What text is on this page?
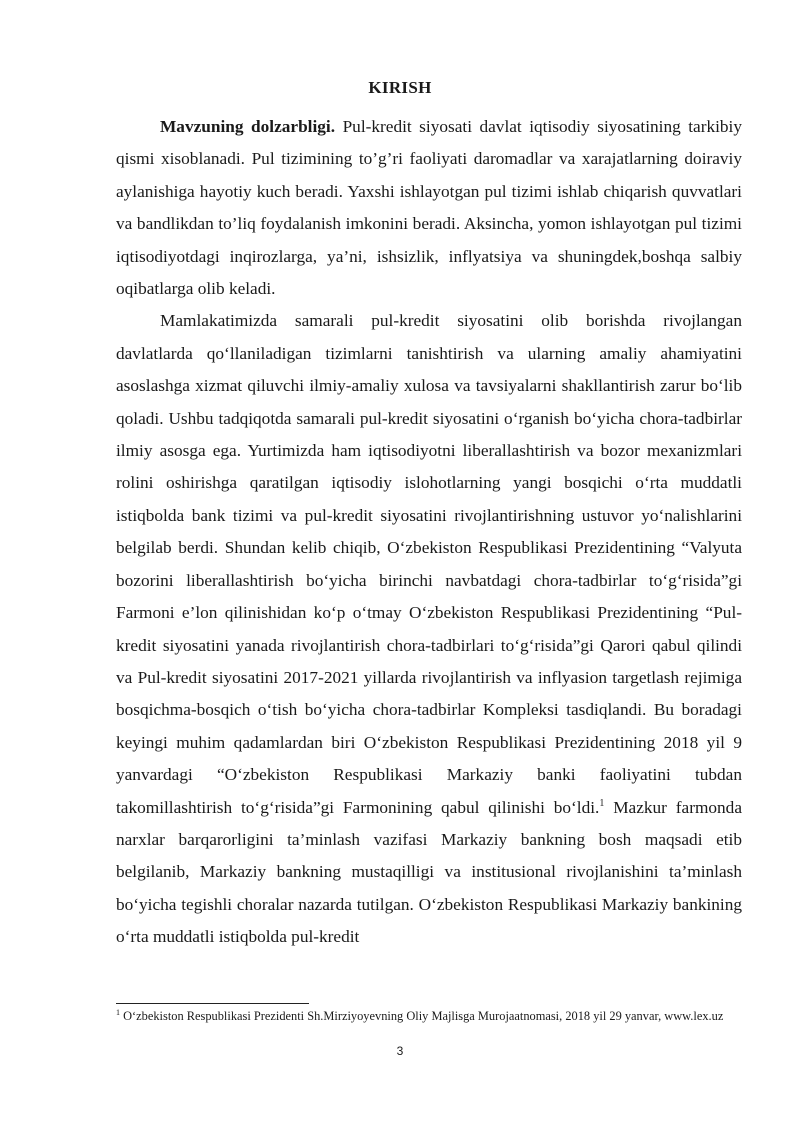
KIRISH

Mavzuning dolzarbligi. Pul-kredit siyosati davlat iqtisodiy siyosatining tarkibiy qismi xisoblanadi. Pul tizimining to’g’ri faoliyati daromadlar va xarajatlarning doiraviy aylanishiga hayotiy kuch beradi. Yaxshi ishlayotgan pul tizimi ishlab chiqarish quvvatlari va bandlikdan to’liq foydalanish imkonini beradi. Aksincha, yomon ishlayotgan pul tizimi iqtisodiyotdagi inqirozlarga, ya’ni, ishsizlik, inflyatsiya va shuningdek,boshqa salbiy oqibatlarga olib keladi.

Mamlakatimizda samarali pul-kredit siyosatini olib borishda rivojlangan davlatlarda qo‘llaniladigan tizimlarni tanishtirish va ularning amaliy ahamiyatini asoslashga xizmat qiluvchi ilmiy-amaliy xulosa va tavsiyalarni shakllantirish zarur bo‘lib qoladi. Ushbu tadqiqotda samarali pul-kredit siyosatini o‘rganish bo‘yicha chora-tadbirlar ilmiy asosga ega. Yurtimizda ham iqtisodiyotni liberallashtirish va bozor mexanizmlari rolini oshirishga qaratilgan iqtisodiy islohotlarning yangi bosqichi o‘rta muddatli istiqbolda bank tizimi va pul-kredit siyosatini rivojlantirishning ustuvor yo‘nalishlarini belgilab berdi. Shundan kelib chiqib, O‘zbekiston Respublikasi Prezidentining “Valyuta bozorini liberallashtirish bo‘yicha birinchi navbatdagi chora-tadbirlar to‘g‘risida”gi Farmoni e’lon qilinishidan ko‘p o‘tmay O‘zbekiston Respublikasi Prezidentining “Pul-kredit siyosatini yanada rivojlantirish chora-tadbirlari to‘g‘risida”gi Qarori qabul qilindi va Pul-kredit siyosatini 2017-2021 yillarda rivojlantirish va inflyasion targetlash rejimiga bosqichma-bosqich o‘tish bo‘yicha chora-tadbirlar Kompleksi tasdiqlandi. Bu boradagi keyingi muhim qadamlardan biri O‘zbekiston Respublikasi Prezidentining 2018 yil 9 yanvardagi “O‘zbekiston Respublikasi Markaziy banki faoliyatini tubdan takomillashtirish to‘g‘risida”gi Farmonining qabul qilinishi bo‘ldi.$^1$ Mazkur farmonda narxlar barqarorligini ta’minlash vazifasi Markaziy bankning bosh maqsadi etib belgilanib, Markaziy bankning mustaqilligi va institusional rivojlanishini ta’minlash bo‘yicha tegishli choralar nazarda tutilgan. O‘zbekiston Respublikasi Markaziy bankining o‘rta muddatli istiqbolda pul-kredit

$^1$ O‘zbekiston Respublikasi Prezidenti Sh.Mirziyoyevning Oliy Majlisga Murojaatnomasi, 2018 yil 29 yanvar, www.lex.uz
3
